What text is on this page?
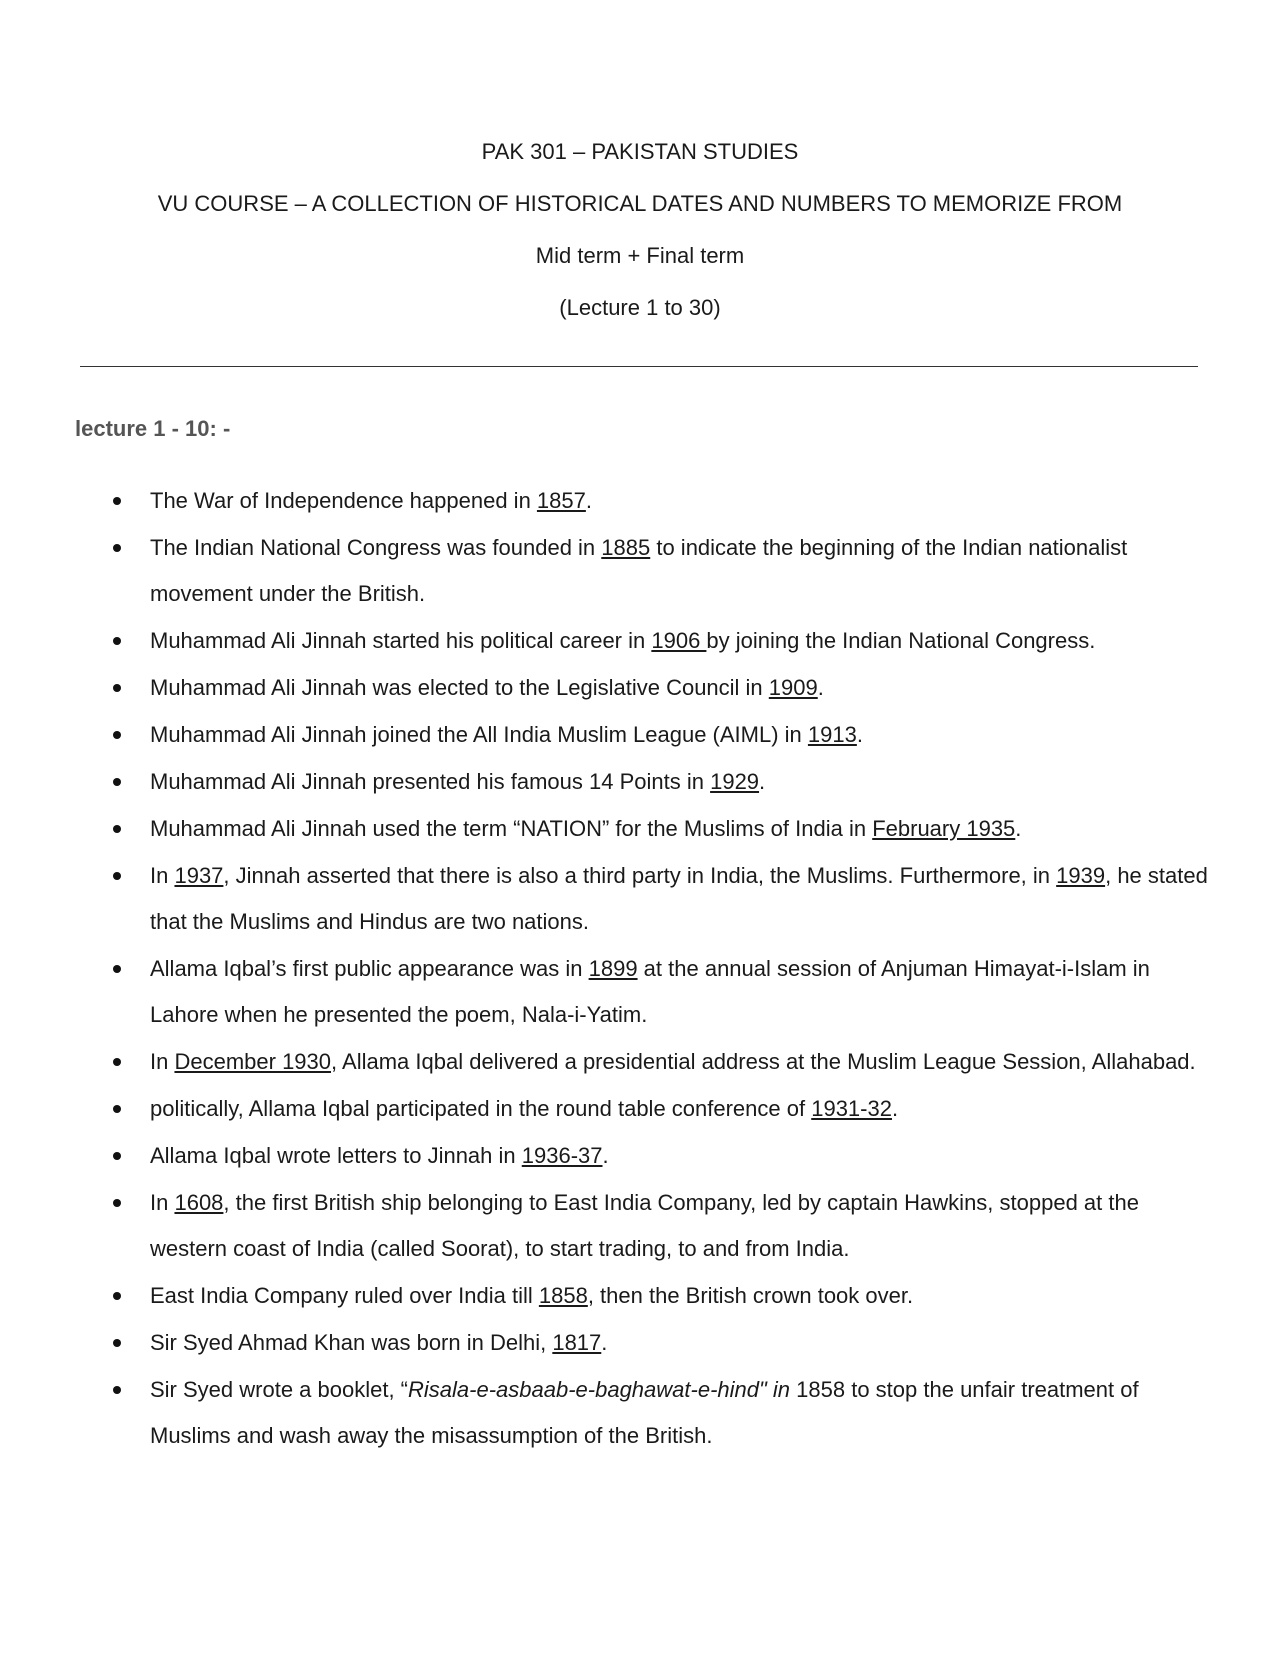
PAK 301 – PAKISTAN STUDIES
VU COURSE – A COLLECTION OF HISTORICAL DATES AND NUMBERS TO MEMORIZE FROM
Mid term + Final term
(Lecture 1 to 30)
lecture 1 - 10: -
The War of Independence happened in 1857.
The Indian National Congress was founded in 1885 to indicate the beginning of the Indian nationalist movement under the British.
Muhammad Ali Jinnah started his political career in 1906 by joining the Indian National Congress.
Muhammad Ali Jinnah was elected to the Legislative Council in 1909.
Muhammad Ali Jinnah joined the All India Muslim League (AIML) in 1913.
Muhammad Ali Jinnah presented his famous 14 Points in 1929.
Muhammad Ali Jinnah used the term “NATION” for the Muslims of India in February 1935.
In 1937, Jinnah asserted that there is also a third party in India, the Muslims. Furthermore, in 1939, he stated that the Muslims and Hindus are two nations.
Allama Iqbal’s first public appearance was in 1899 at the annual session of Anjuman Himayat-i-Islam in Lahore when he presented the poem, Nala-i-Yatim.
In December 1930, Allama Iqbal delivered a presidential address at the Muslim League Session, Allahabad.
politically, Allama Iqbal participated in the round table conference of 1931-32.
Allama Iqbal wrote letters to Jinnah in 1936-37.
In 1608, the first British ship belonging to East India Company, led by captain Hawkins, stopped at the western coast of India (called Soorat), to start trading, to and from India.
East India Company ruled over India till 1858, then the British crown took over.
Sir Syed Ahmad Khan was born in Delhi, 1817.
Sir Syed wrote a booklet, “Risala-e-asbaab-e-baghawat-e-hind" in 1858 to stop the unfair treatment of Muslims and wash away the misassumption of the British.
